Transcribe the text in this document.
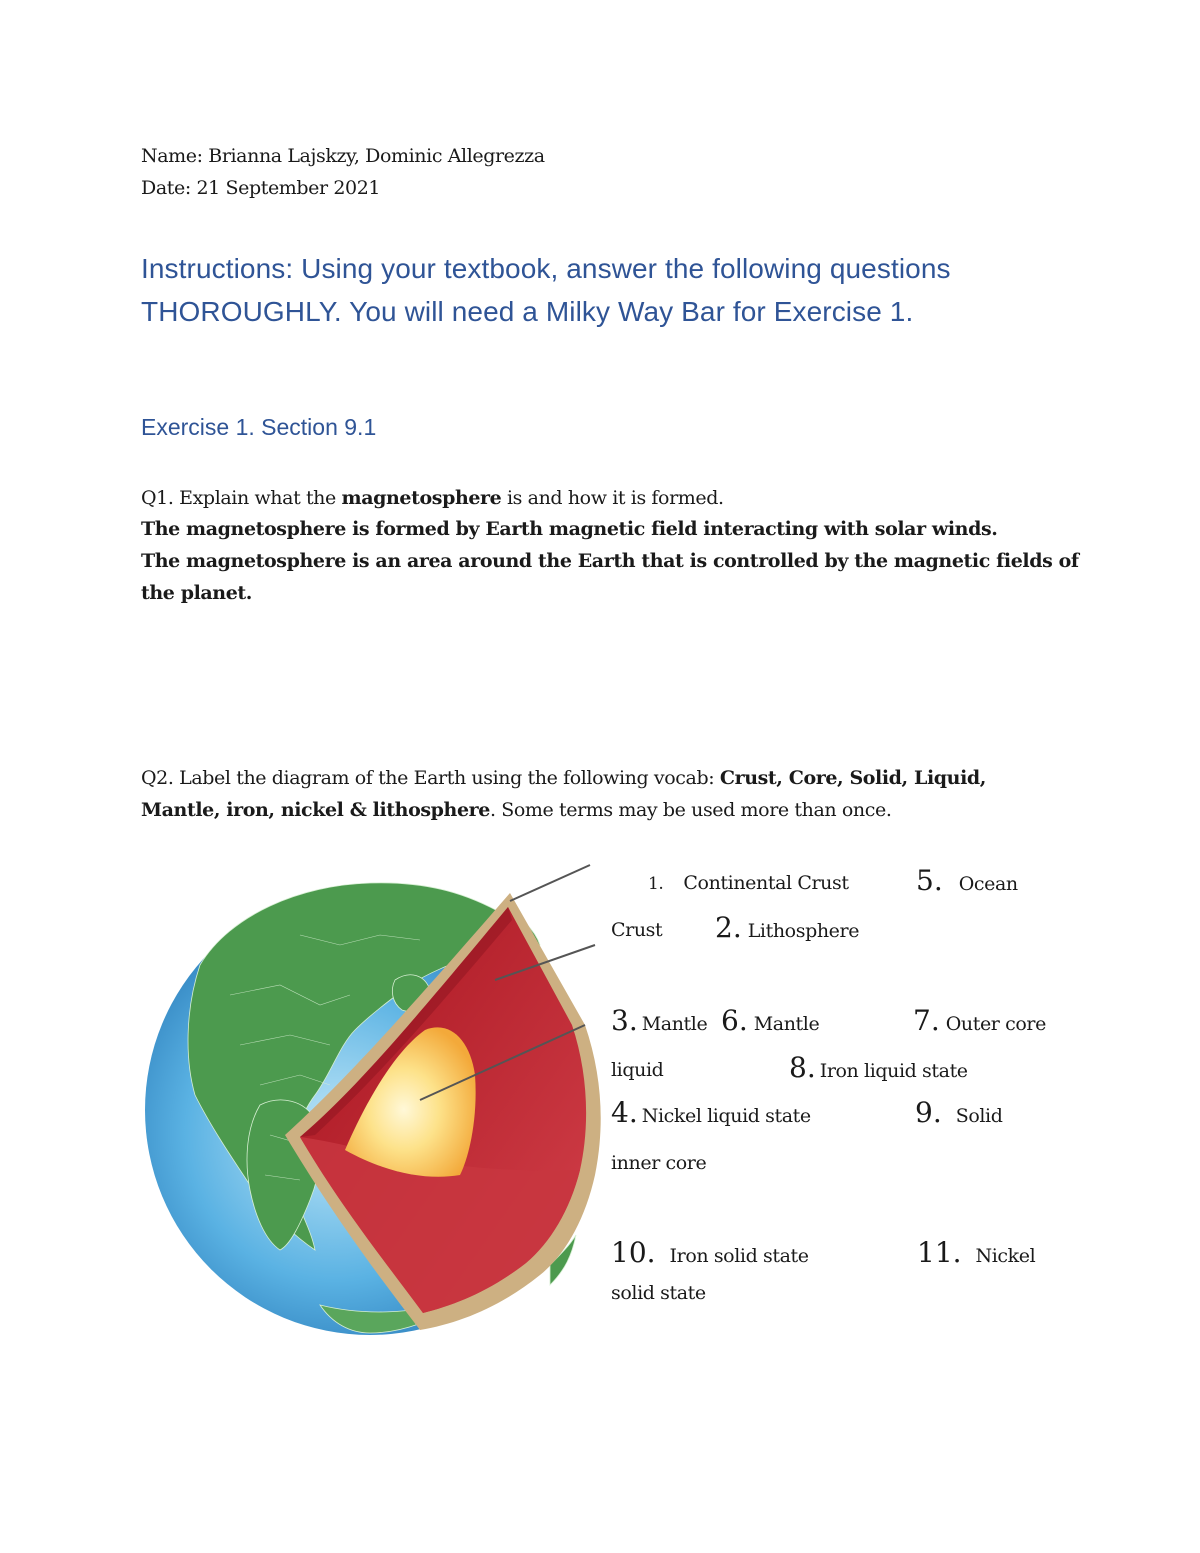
Name: Brianna Lajskzy, Dominic Allegrezza
Date: 21 September 2021
Instructions: Using your textbook, answer the following questions
THOROUGHLY. You will need a Milky Way Bar for Exercise 1.
Exercise 1. Section 9.1
Q1. Explain what the magnetosphere is and how it is formed.
The magnetosphere is formed by Earth magnetic field interacting with solar winds.
The magnetosphere is an area around the Earth that is controlled by the magnetic fields of
the planet.
Q2. Label the diagram of the Earth using the following vocab: Crust, Core, Solid, Liquid,
Mantle, iron, nickel & lithosphere. Some terms may be used more than once.
1. Continental Crust 5. Ocean
Crust 2. Lithosphere
3. Mantle 6. Mantle	7. Outer core
liquid	8. Iron liquid state
4. Nickel liquid state	9. Solid
inner core
10. Iron solid state	11. Nickel
solid state
